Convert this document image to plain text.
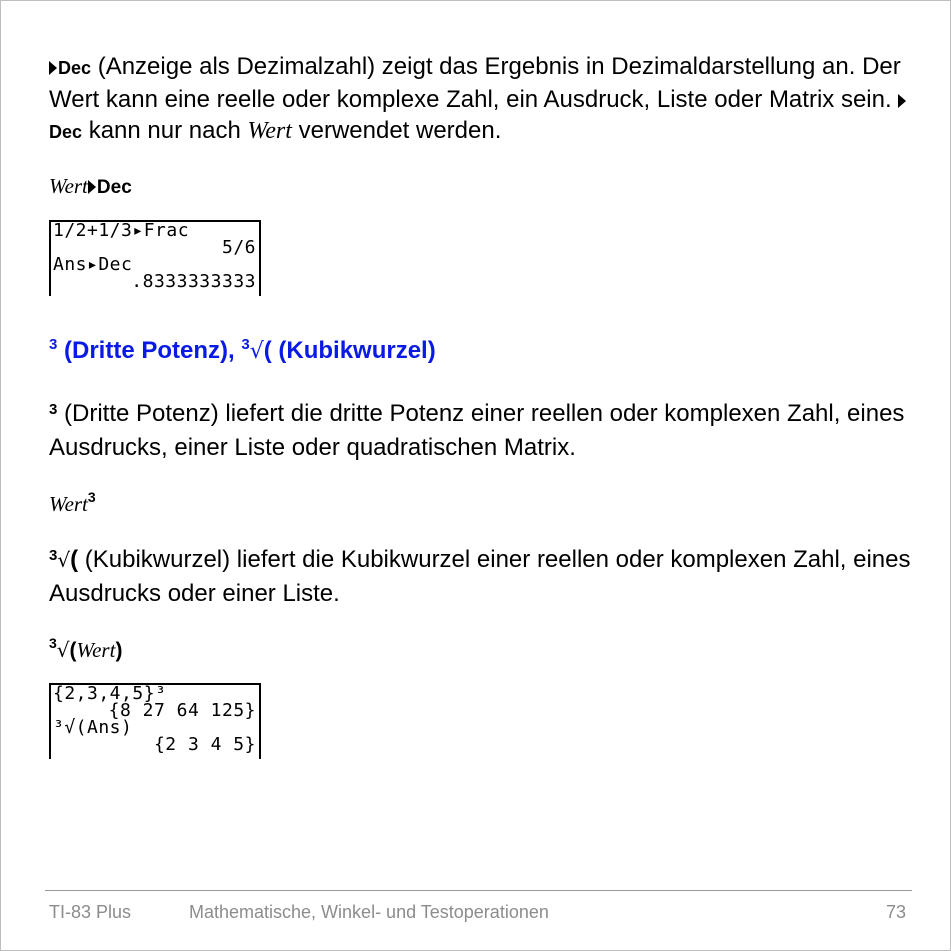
Dec (Anzeige als Dezimalzahl) zeigt das Ergebnis in Dezimaldarstellung an. Der Wert kann eine reelle oder komplexe Zahl, ein Ausdruck, Liste oder Matrix sein. Dec kann nur nach Wert verwendet werden.

Wert Dec

1/2+1/3▸Frac
5/6
Ans▸Dec
.8333333333
$^3$ (Dritte Potenz), $^3$√( (Kubikwurzel)

$^3$ (Dritte Potenz) liefert die dritte Potenz einer reellen oder komplexen Zahl, eines Ausdrucks, einer Liste oder quadratischen Matrix.

Wert$^3$

$^3$√( (Kubikwurzel) liefert die Kubikwurzel einer reellen oder komplexen Zahl, eines Ausdrucks oder einer Liste.

$^3$√(Wert)

{2,3,4,5}³
{8 27 64 125}
³√(Ans)
{2 3 4 5}
TI-83 Plus	Mathematische, Winkel- und Testoperationen	73
